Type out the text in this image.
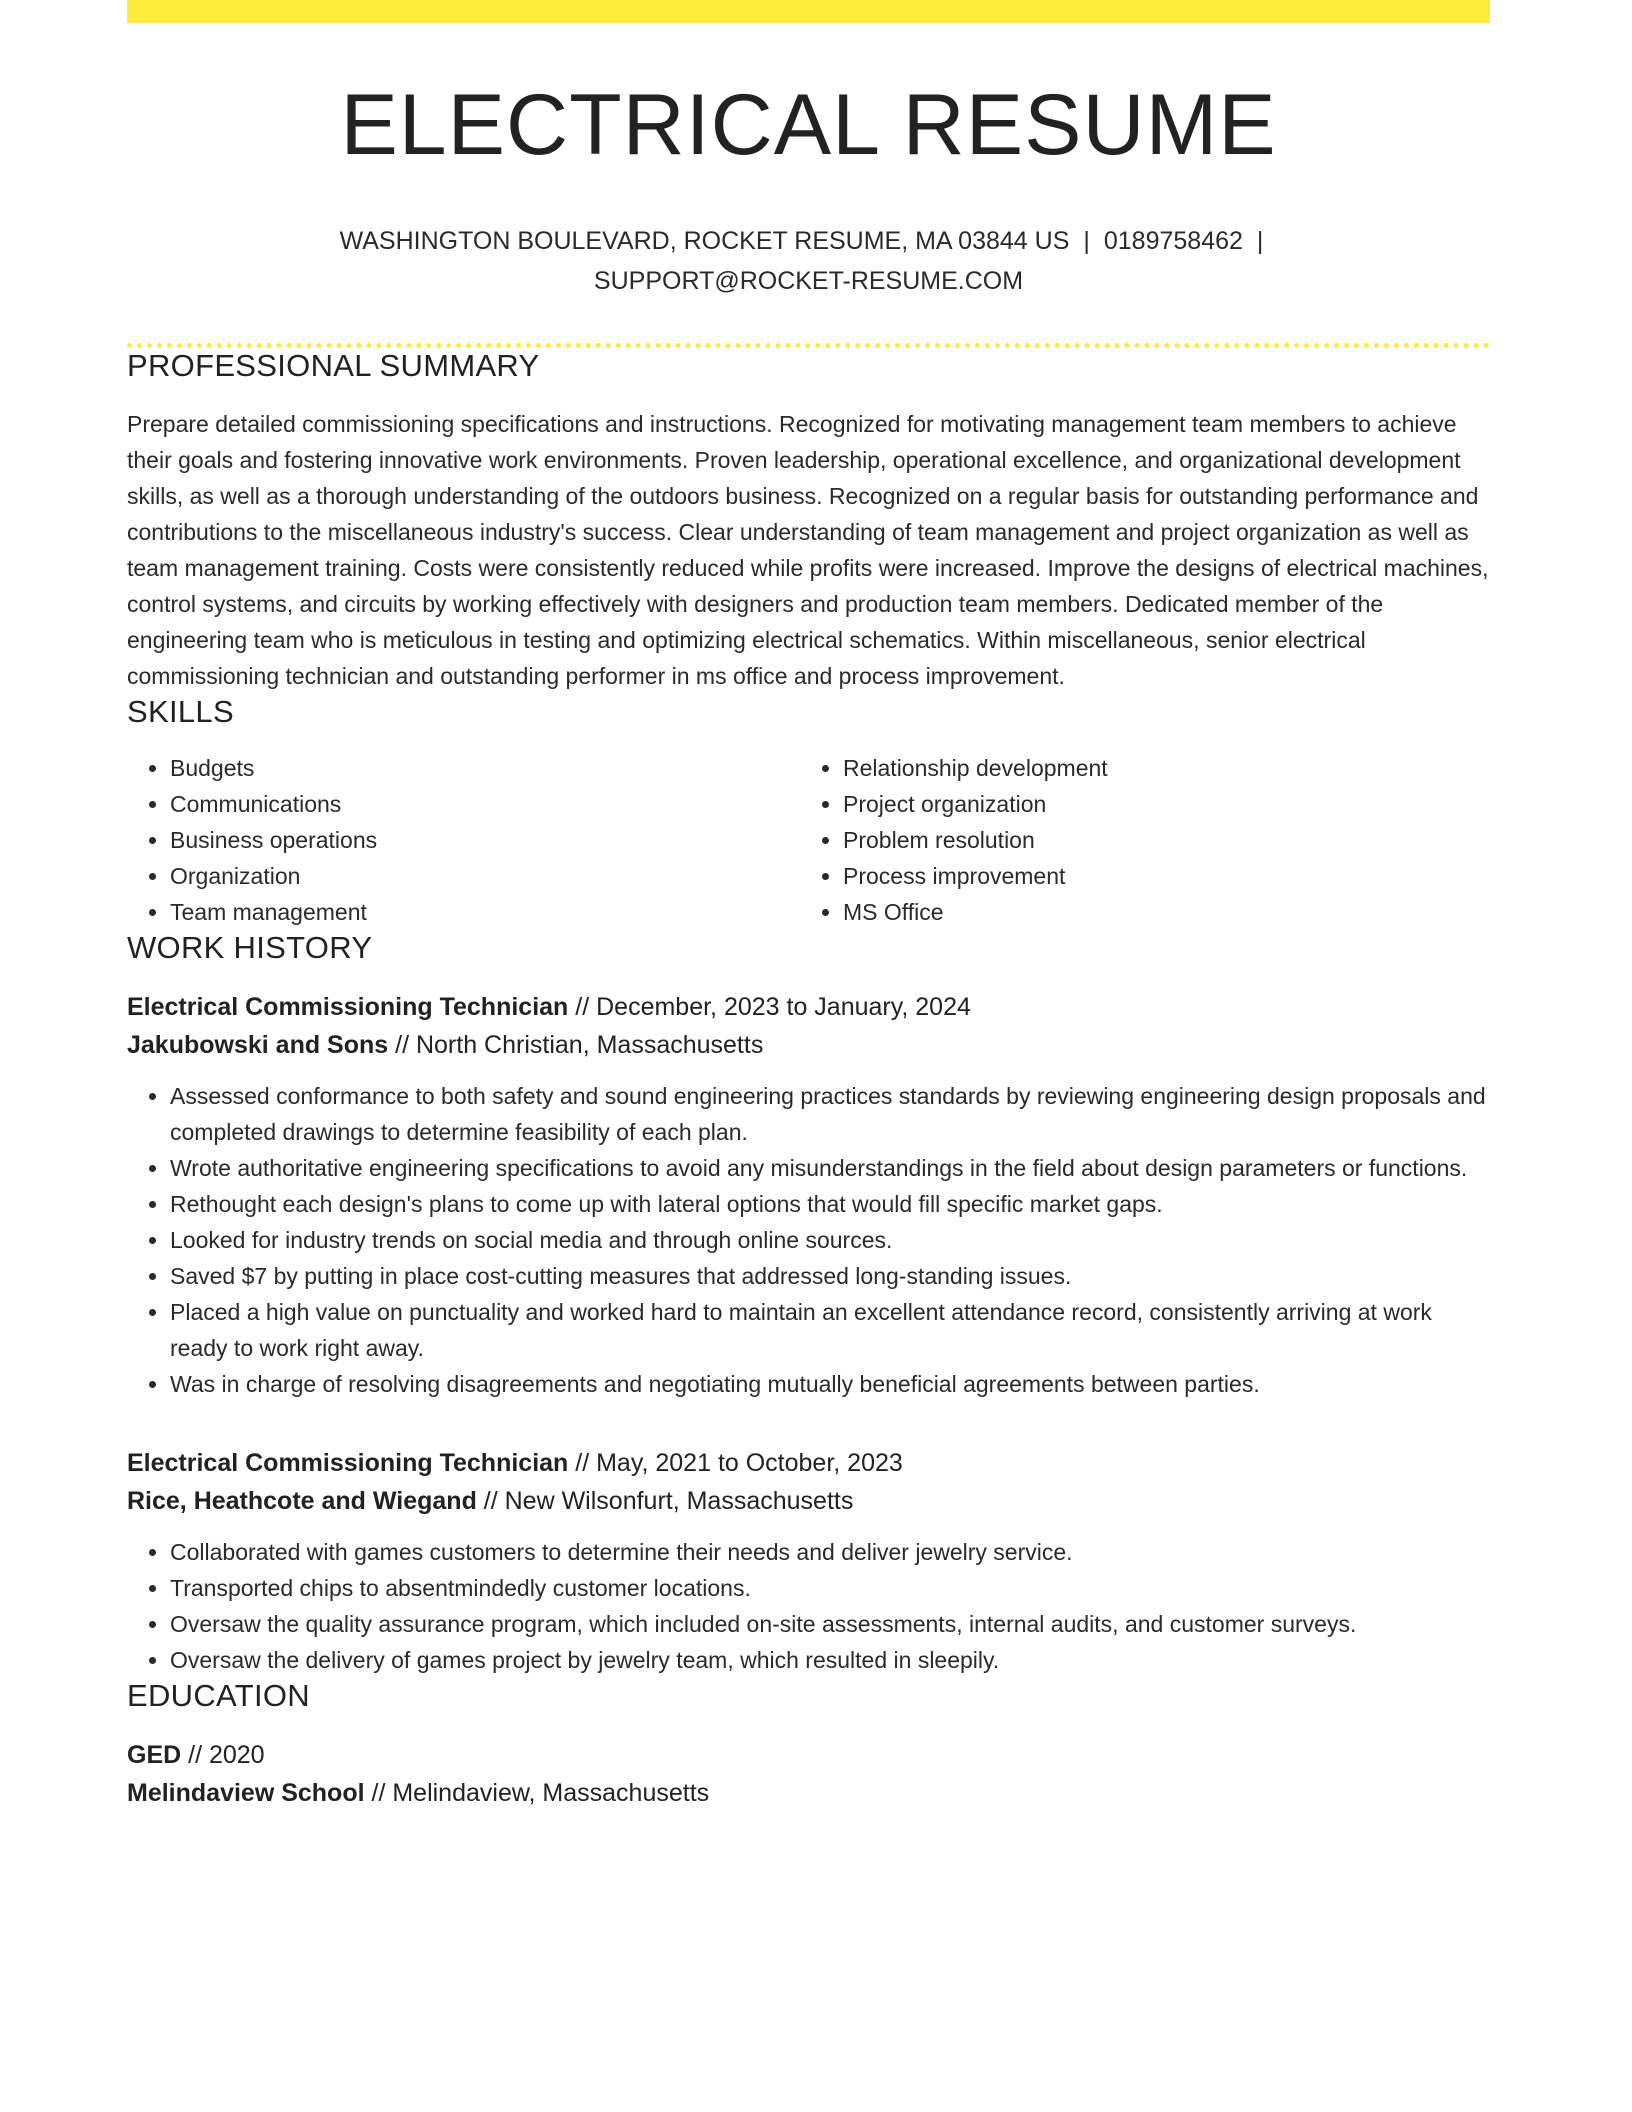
ELECTRICAL RESUME
WASHINGTON BOULEVARD, ROCKET RESUME, MA 03844 US | 0189758462 |
SUPPORT@ROCKET-RESUME.COM
PROFESSIONAL SUMMARY
Prepare detailed commissioning specifications and instructions. Recognized for motivating management team members to achieve their goals and fostering innovative work environments. Proven leadership, operational excellence, and organizational development skills, as well as a thorough understanding of the outdoors business. Recognized on a regular basis for outstanding performance and contributions to the miscellaneous industry's success. Clear understanding of team management and project organization as well as team management training. Costs were consistently reduced while profits were increased. Improve the designs of electrical machines, control systems, and circuits by working effectively with designers and production team members. Dedicated member of the engineering team who is meticulous in testing and optimizing electrical schematics. Within miscellaneous, senior electrical commissioning technician and outstanding performer in ms office and process improvement.
SKILLS
• Budgets
• Communications
• Business operations
• Organization
• Team management
• Relationship development
• Project organization
• Problem resolution
• Process improvement
• MS Office
WORK HISTORY
Electrical Commissioning Technician // December, 2023 to January, 2024
Jakubowski and Sons // North Christian, Massachusetts
• Assessed conformance to both safety and sound engineering practices standards by reviewing engineering design proposals and completed drawings to determine feasibility of each plan.
• Wrote authoritative engineering specifications to avoid any misunderstandings in the field about design parameters or functions.
• Rethought each design's plans to come up with lateral options that would fill specific market gaps.
• Looked for industry trends on social media and through online sources.
• Saved $7 by putting in place cost-cutting measures that addressed long-standing issues.
• Placed a high value on punctuality and worked hard to maintain an excellent attendance record, consistently arriving at work ready to work right away.
• Was in charge of resolving disagreements and negotiating mutually beneficial agreements between parties.
Electrical Commissioning Technician // May, 2021 to October, 2023
Rice, Heathcote and Wiegand // New Wilsonfurt, Massachusetts
• Collaborated with games customers to determine their needs and deliver jewelry service.
• Transported chips to absentmindedly customer locations.
• Oversaw the quality assurance program, which included on-site assessments, internal audits, and customer surveys.
• Oversaw the delivery of games project by jewelry team, which resulted in sleepily.
EDUCATION
GED // 2020
Melindaview School // Melindaview, Massachusetts
